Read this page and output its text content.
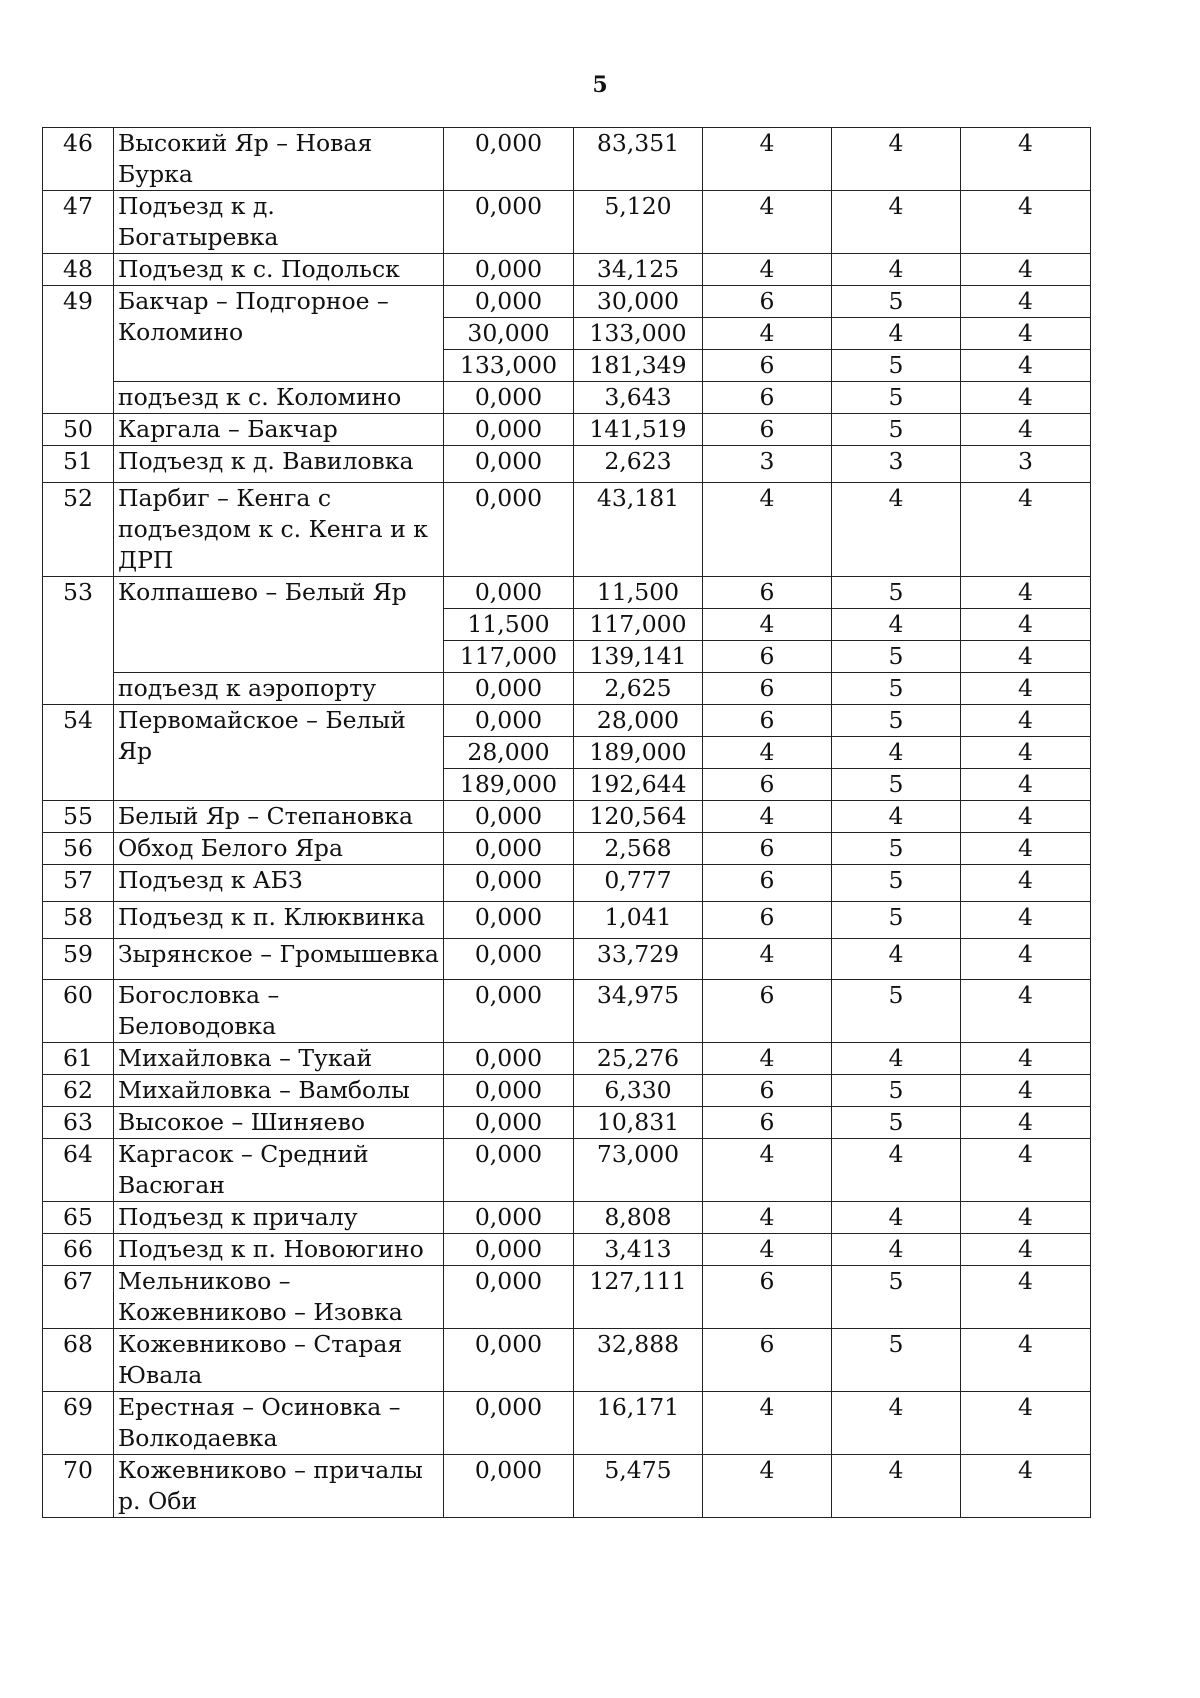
5
46	Высокий Яр – Новая Бурка	0,000	83,351	4	4	4
47	Подъезд к д. Богатыревка	0,000	5,120	4	4	4
48	Подъезд к с. Подольск	0,000	34,125	4	4	4
49	Бакчар – Подгорное – Коломино	0,000	30,000	6	5	4
		30,000	133,000	4	4	4
		133,000	181,349	6	5	4
	подъезд к с. Коломино	0,000	3,643	6	5	4
50	Каргала – Бакчар	0,000	141,519	6	5	4
51	Подъезд к д. Вавиловка	0,000	2,623	3	3	3
52	Парбиг – Кенга с подъездом к с. Кенга и к ДРП	0,000	43,181	4	4	4
53	Колпашево – Белый Яр	0,000	11,500	6	5	4
		11,500	117,000	4	4	4
		117,000	139,141	6	5	4
	подъезд к аэропорту	0,000	2,625	6	5	4
54	Первомайское – Белый Яр	0,000	28,000	6	5	4
		28,000	189,000	4	4	4
		189,000	192,644	6	5	4
55	Белый Яр – Степановка	0,000	120,564	4	4	4
56	Обход Белого Яра	0,000	2,568	6	5	4
57	Подъезд к АБЗ	0,000	0,777	6	5	4
58	Подъезд к п. Клюквинка	0,000	1,041	6	5	4
59	Зырянское – Громышевка	0,000	33,729	4	4	4
60	Богословка – Беловодовка	0,000	34,975	6	5	4
61	Михайловка – Тукай	0,000	25,276	4	4	4
62	Михайловка – Вамболы	0,000	6,330	6	5	4
63	Высокое – Шиняево	0,000	10,831	6	5	4
64	Каргасок – Средний Васюган	0,000	73,000	4	4	4
65	Подъезд к причалу	0,000	8,808	4	4	4
66	Подъезд к п. Новоюгино	0,000	3,413	4	4	4
67	Мельниково – Кожевниково – Изовка	0,000	127,111	6	5	4
68	Кожевниково – Старая Ювала	0,000	32,888	6	5	4
69	Ерестная – Осиновка – Волкодаевка	0,000	16,171	4	4	4
70	Кожевниково – причалы р. Оби	0,000	5,475	4	4	4
